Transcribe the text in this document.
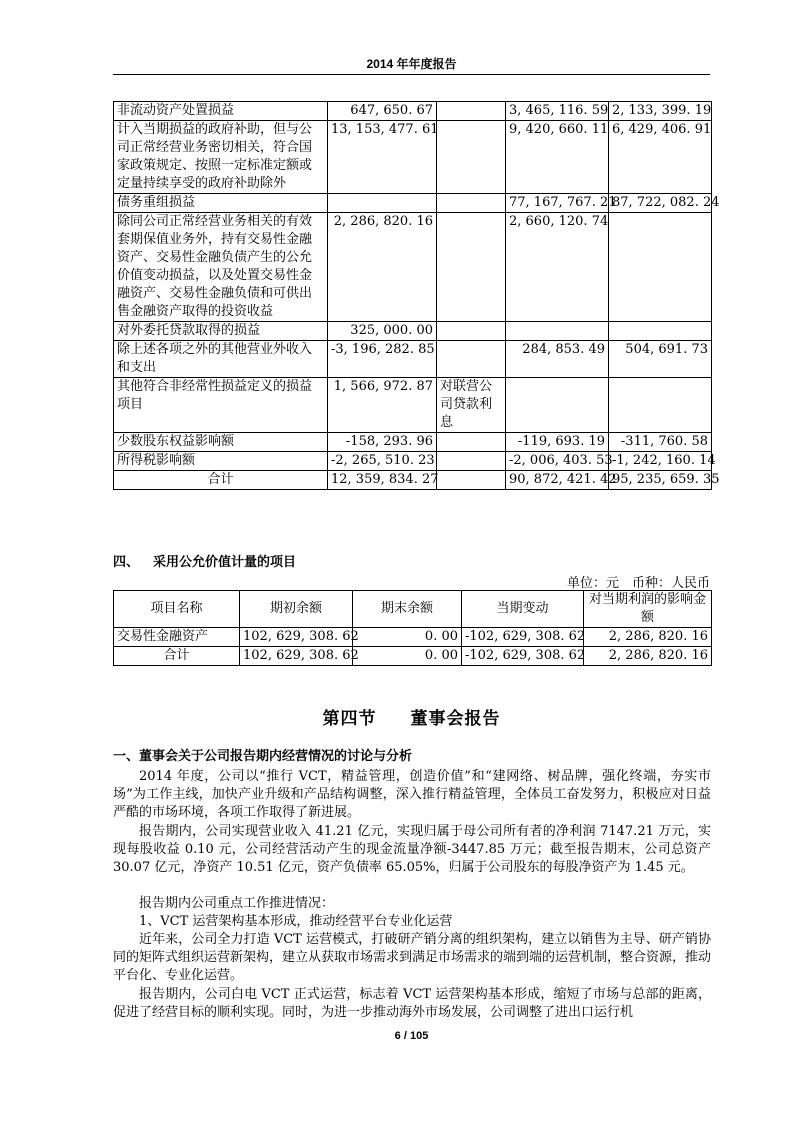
2014 年年度报告
非流动资产处置损益	647, 650. 67		3, 465, 116. 59	2, 133, 399. 19
计入当期损益的政府补助，但与公司正常经营业务密切相关，符合国家政策规定、按照一定标准定额或定量持续享受的政府补助除外	13, 153, 477. 61		9, 420, 660. 11	6, 429, 406. 91
债务重组损益			77, 167, 767. 21	87, 722, 082. 24
除同公司正常经营业务相关的有效套期保值业务外，持有交易性金融资产、交易性金融负债产生的公允价值变动损益，以及处置交易性金融资产、交易性金融负债和可供出售金融资产取得的投资收益	2, 286, 820. 16		2, 660, 120. 74	
对外委托贷款取得的损益	325, 000. 00			
除上述各项之外的其他营业外收入和支出	-3, 196, 282. 85		284, 853. 49	504, 691. 73
其他符合非经常性损益定义的损益项目	1, 566, 972. 87	对联营公司贷款利息		
少数股东权益影响额	-158, 293. 96		-119, 693. 19	-311, 760. 58
所得税影响额	-2, 265, 510. 23		-2, 006, 403. 53	-1, 242, 160. 14
合计	12, 359, 834. 27		90, 872, 421. 42	95, 235, 659. 35
四、 采用公允价值计量的项目
单位：元　币种：人民币
项目名称	期初余额	期末余额	当期变动	对当期利润的影响金额
交易性金融资产	102, 629, 308. 62	0. 00	-102, 629, 308. 62	2, 286, 820. 16
合计	102, 629, 308. 62	0. 00	-102, 629, 308. 62	2, 286, 820. 16
第四节 董事会报告
一、董事会关于公司报告期内经营情况的讨论与分析

2014 年度，公司以“推行 VCT，精益管理，创造价值”和“建网络、树品牌，强化终端，夯实市场”为工作主线，加快产业升级和产品结构调整，深入推行精益管理，全体员工奋发努力，积极应对日益严酷的市场环境，各项工作取得了新进展。

报告期内，公司实现营业收入 41.21 亿元，实现归属于母公司所有者的净利润 7147.21 万元，实现每股收益 0.10 元，公司经营活动产生的现金流量净额-3447.85 万元；截至报告期末，公司总资产 30.07 亿元，净资产 10.51 亿元，资产负债率 65.05%，归属于公司股东的每股净资产为 1.45 元。

报告期内公司重点工作推进情况：

1、VCT 运营架构基本形成，推动经营平台专业化运营

近年来，公司全力打造 VCT 运营模式，打破研产销分离的组织架构，建立以销售为主导、研产销协同的矩阵式组织运营新架构，建立从获取市场需求到满足市场需求的端到端的运营机制，整合资源，推动平台化、专业化运营。

报告期内，公司白电 VCT 正式运营，标志着 VCT 运营架构基本形成，缩短了市场与总部的距离，促进了经营目标的顺利实现。同时，为进一步推动海外市场发展，公司调整了进出口运行机

6 / 105
